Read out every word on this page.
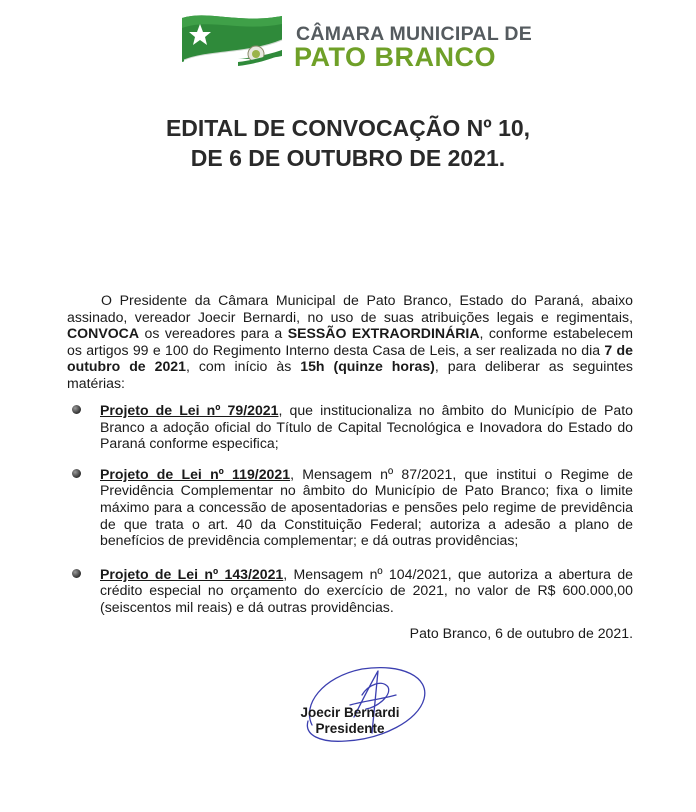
CÂMARA MUNICIPAL DE
PATO BRANCO
EDITAL DE CONVOCAÇÃO Nº 10,
DE 6 DE OUTUBRO DE 2021.
O Presidente da Câmara Municipal de Pato Branco, Estado do Paraná, abaixo assinado, vereador Joecir Bernardi, no uso de suas atribuições legais e regimentais, CONVOCA os vereadores para a SESSÃO EXTRAORDINÁRIA, conforme estabelecem os artigos 99 e 100 do Regimento Interno desta Casa de Leis, a ser realizada no dia 7 de outubro de 2021, com início às 15h (quinze horas), para deliberar as seguintes matérias:
Projeto de Lei nº 79/2021, que institucionaliza no âmbito do Município de Pato Branco a adoção oficial do Título de Capital Tecnológica e Inovadora do Estado do Paraná conforme especifica;
Projeto de Lei nº 119/2021, Mensagem nº 87/2021, que institui o Regime de Previdência Complementar no âmbito do Município de Pato Branco; fixa o limite máximo para a concessão de aposentadorias e pensões pelo regime de previdência de que trata o art. 40 da Constituição Federal; autoriza a adesão a plano de benefícios de previdência complementar; e dá outras providências;
Projeto de Lei nº 143/2021, Mensagem nº 104/2021, que autoriza a abertura de crédito especial no orçamento do exercício de 2021, no valor de R$ 600.000,00 (seiscentos mil reais) e dá outras providências.
Pato Branco, 6 de outubro de 2021.
Joecir Bernardi
Presidente
